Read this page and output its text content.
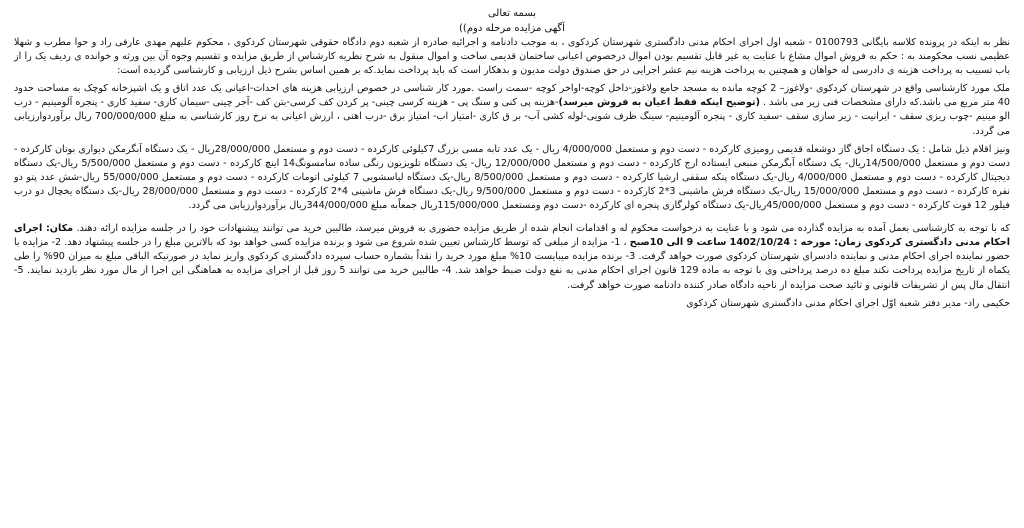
بسمه تعالی
آگهی مزایده مرحله دوم))

نظر به اینکه در پرونده کلاسه بایگانی 0100793 - شعبه اول اجرای احکام مدنی دادگستری شهرستان کردکوی ، به موجب دادنامه و اجرائیه صادره از شعبه دوم دادگاه حقوقی شهرستان کردکوی ، محکوم علیهم مهدی عارفی راد و حوا مطرب و شهلا عظیمی نسب محکومند به : حکم به فروش اموال مشاع با عنایت به غیر قابل تقسیم بودن اموال درخصوص اعیانی ساختمان قدیمی ساخت و اموال منقول به شرح نظریه کارشناس از طریق مزایده و تقسیم وجوه آن بین ورثه و خوانده ی ردیف یک را از باب تسبیب به پرداخت هزینه ی دادرسی له خواهان و همچنین به پرداخت هزینه نیم عشر اجرایی در حق صندوق دولت مدیون و بدهکار است که باید پرداخت نماید.که بر همین اساس بشرح ذیل ارزیابی و کارشناسی گردیده است:

ملک مورد کارشناسی واقع در شهرستان کردکوی -ولاغوز– 2 کوچه مانده به مسجد جامع ولاغوز-داخل کوچه-اواخر کوچه -سمت راست .مورد کار شناسی در خصوص ارزیابی هزینه های احداث-اعیانی یک عدد اتاق و یک اشپزخانه کوچک به مساحت حدود 40 متر مربع می باشد.که دارای مشخصات فنی زیر می باشد . (توضیح اینکه فقط اعیان به فروش میرسد)-هزینه پی کنی و سنگ پی - هزینه کرسی چینی- پر کردن کف کرسی-بتن کف -آجر چینی -سیمان کاری- سفید کاری - پنجره آلومینیم - درب الو مینیم -چوب ریزی سقف - ایرانیت - زیر سازی سقف -سفید کاری - پنجره آلومینیم- سینگ ظرف شویی-لوله کشی آب- بر ق کاری -امتیاز اب- امتیاز برق -درب اهنی ، ارزش اعیانی به نرخ روز کارشناسی به مبلغ 700/000/000 ریال برآوردوارزیابی می گردد.

ونیز اقلام ذیل شامل : یک دستگاه اجاق گاز دوشعله قدیمی رومیزی کارکرده - دست دوم و مستعمل 4/000/000 ریال - یک عدد تابه مسی بزرگ 7کیلوئی کارکرده - دست دوم و مستعمل 28/000/000ریال - یک دستگاه آبگرمکن دیواری بوتان کارکرده - دست دوم و مستعمل 14/500/000ریال- یک دستگاه آبگرمکن منبعی ایستاده ارج کارکرده - دست دوم و مستعمل 12/000/000 ریال- یک دستگاه تلویزیون رنگی ساده سامسونگ14 اینچ کارکرده - دست دوم و مستعمل 5/500/000 ریال-یک دستگاه دیجیتال کارکرده - دست دوم و مستعمل 4/000/000 ریال-یک دستگاه پنکه سقفی ارشیا کارکرده - دست دوم و مستعمل 8/500/000 ریال-یک دستگاه لباسشویی 7 کیلوئی اتومات کارکرده - دست دوم و مستعمل 55/000/000 ریال-شش عدد پتو دو نفره کارکرده - دست دوم و مستعمل 15/000/000 ریال-یک دستگاه فرش ماشینی 3*2 کارکرده - دست دوم و مستعمل 9/500/000 ریال-یک دستگاه فرش ماشینی 4*2 کارکرده - دست دوم و مستعمل 28/000/000 ریال-یک دستگاه یخچال دو درب فیلور 12 فوت کارکرده - دست دوم و مستعمل 45/000/000ریال-یک دستگاه کولرگازی پنجره ای کارکرده -دست دوم ومستعمل 115/000/000ریال جمعاًبه مبلغ 344/000/000ریال برآوردوارزیابی می گردد.

که با توجه به کارشناسی بعمل آمده به مزایده گذارده می شود و با عنایت به درخواست محکوم له و اقدامات انجام شده از طریق مزایده حضوری به فروش میرسد، طالبین خرید می توانند پیشنهادات خود را در جلسه مزایده ارائه دهند. مکان: اجرای احکام مدنی دادگستری کردکوی زمان: مورخه : 1402/10/24 ساعت 9 الی 10صبح ، 1- مزایده از مبلغی که توسط کارشناس تعیین شده شروع می شود و برنده مزایده کسی خواهد بود که بالاترین مبلغ را در جلسه پیشنهاد دهد. 2- مزایده با حضور نماینده اجرای احکام مدنی و نماینده دادسرای شهرستان کردکوی صورت خواهد گرفت. 3- برنده مزایده میبایست 10% مبلغ مورد خرید را نقداً بشماره حساب سپرده دادگستری کردکوی واریز نماید در صورتیکه الباقی مبلغ به میزان 90% را طی یکماه از تاریخ مزایده پرداخت نکند مبلغ ده درصد پرداختی وی با توجه به ماده 129 قانون اجرای احکام مدنی به نفع دولت ضبط خواهد شد. 4- طالبین خرید می توانند 5 روز قبل از اجرای مزایده به هماهنگی این اجرا از مال مورد نظر بازدید نمایند. 5- انتقال مال پس از تشریفات قانونی و تائید صحت مزایده از ناحیه دادگاه صادر کننده دادنامه صورت خواهد گرفت.

حکیمی راد- مدیر دفتر شعبه اوّل اجرای احکام مدنی دادگستری شهرستان کردکوی
